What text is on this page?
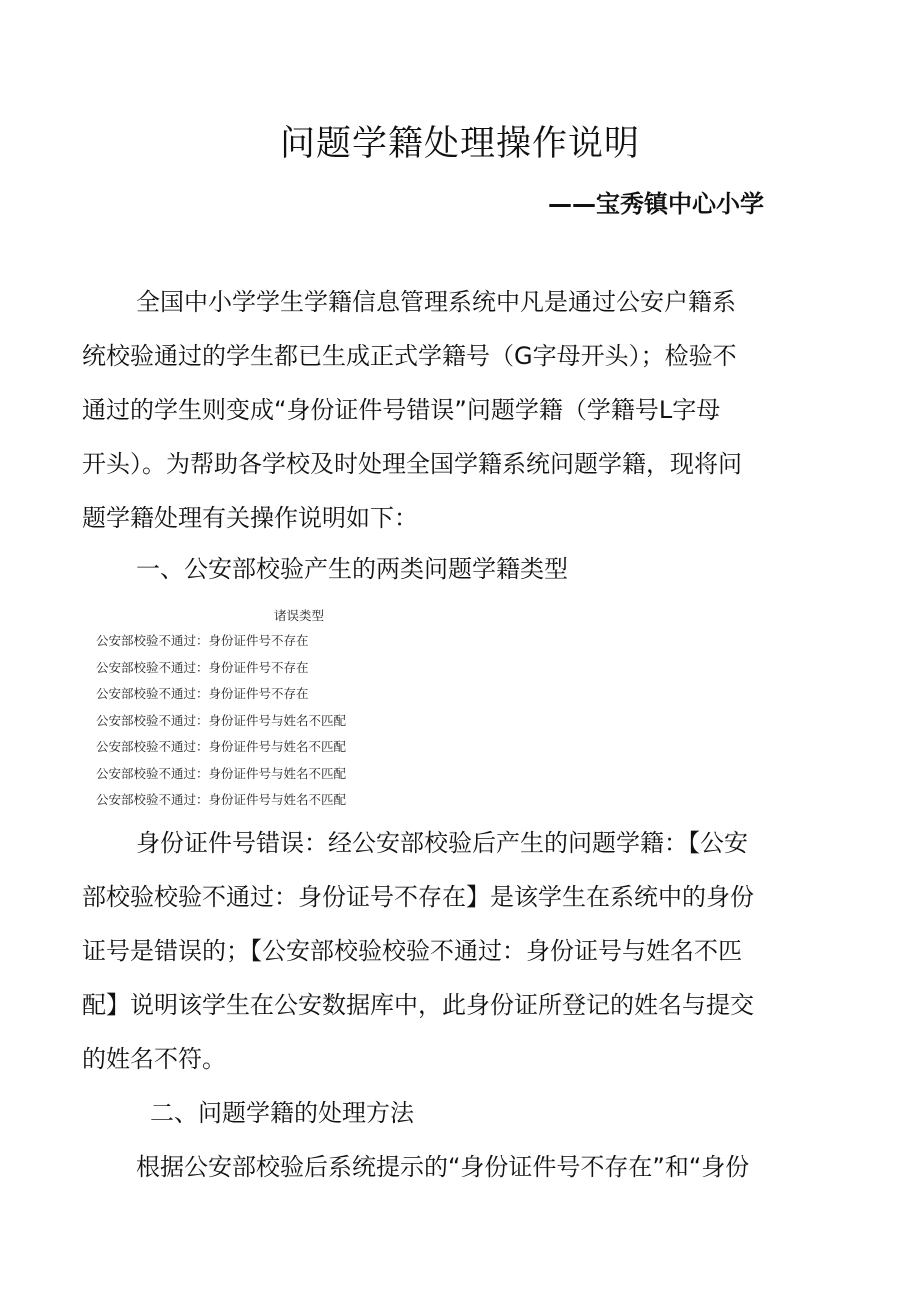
问题学籍处理操作说明
——宝秀镇中心小学
全国中小学学生学籍信息管理系统中凡是通过公安户籍系
统校验通过的学生都已生成正式学籍号（G字母开头）；检验不
通过的学生则变成“身份证件号错误”问题学籍（学籍号L字母
开头）。为帮助各学校及时处理全国学籍系统问题学籍，现将问
题学籍处理有关操作说明如下：
一、公安部校验产生的两类问题学籍类型
诸误类型
公安部校验不通过：身份证件号不存在
公安部校验不通过：身份证件号不存在
公安部校验不通过：身份证件号不存在
公安部校验不通过：身份证件号与姓名不匹配
公安部校验不通过：身份证件号与姓名不匹配
公安部校验不通过：身份证件号与姓名不匹配
公安部校验不通过：身份证件号与姓名不匹配
身份证件号错误：经公安部校验后产生的问题学籍：【公安
部校验校验不通过：身份证号不存在】是该学生在系统中的身份
证号是错误的；【公安部校验校验不通过：身份证号与姓名不匹
配】说明该学生在公安数据库中，此身份证所登记的姓名与提交
的姓名不符。
二、问题学籍的处理方法
根据公安部校验后系统提示的“身份证件号不存在”和“身份
